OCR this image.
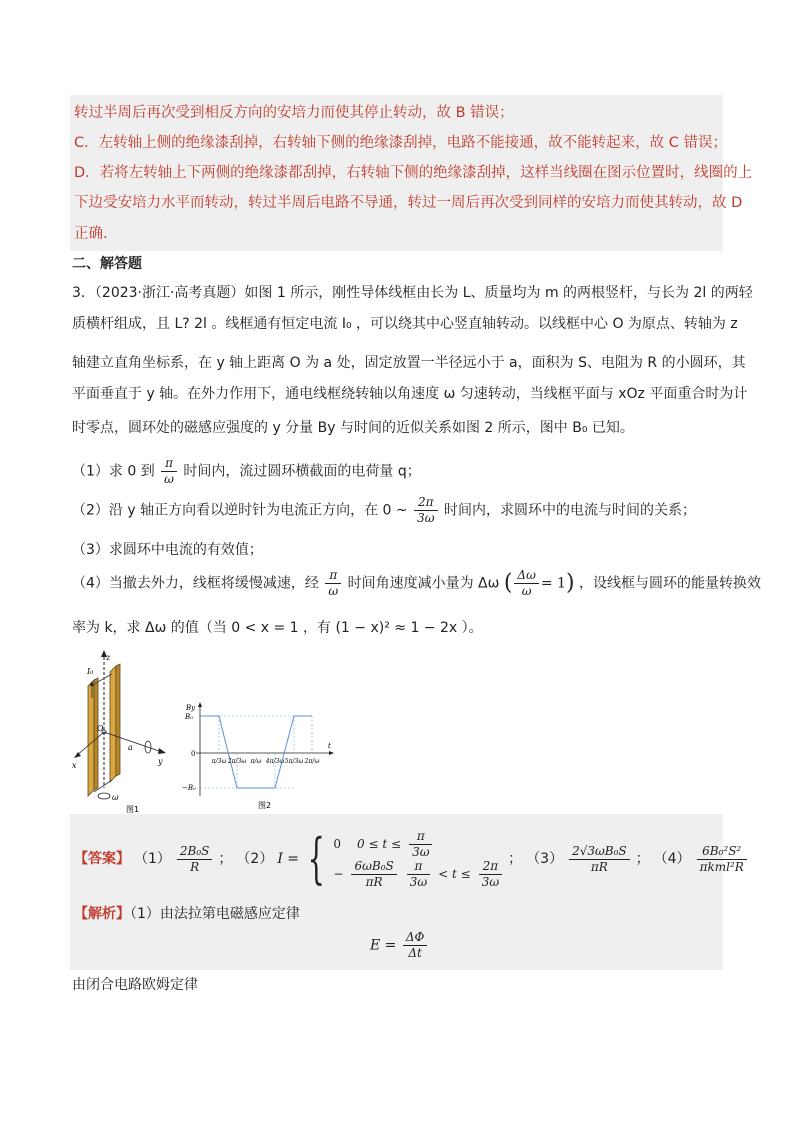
转过半周后再次受到相反方向的安培力而使其停止转动，故 B 错误；
C．左转轴上侧的绝缘漆刮掉，右转轴下侧的绝缘漆刮掉，电路不能接通，故不能转起来，故 C 错误；
D．若将左转轴上下两侧的绝缘漆都刮掉，右转轴下侧的绝缘漆刮掉，这样当线圈在图示位置时，线圈的上
下边受安培力水平而转动，转过半周后电路不导通，转过一周后再次受到同样的安培力而使其转动，故 D
正确.
二、解答题
3．（2023·浙江·高考真题）如图 1 所示，刚性导体线框由长为 L、质量均为 m 的两根竖杆，与长为 2l 的两轻
质横杆组成，且 L? 2l 。线框通有恒定电流 I₀ ，可以绕其中心竖直轴转动。以线框中心 O 为原点、转轴为 z
轴建立直角坐标系，在 y 轴上距离 O 为 a 处，固定放置一半径远小于 a，面积为 S、电阻为 R 的小圆环，其
平面垂直于 y 轴。在外力作用下，通电线框绕转轴以角速度 ω 匀速转动，当线框平面与 xOz 平面重合时为计
时零点，圆环处的磁感应强度的 y 分量 By 与时间的近似关系如图 2 所示，图中 B₀ 已知。
（1）求 0 到 $\frac{\pi}{\omega}$ 时间内，流过圆环横截面的电荷量 q；
（2）沿 y 轴正方向看以逆时针为电流正方向，在 0 ~ $\frac{2\pi}{3\omega}$ 时间内，求圆环中的电流与时间的关系；
（3）求圆环中电流的有效值；
（4）当撤去外力，线框将缓慢减速，经 $\frac{\pi}{\omega}$ 时间角速度减小量为 Δω ( $\frac{\Delta\omega}{\omega} = 1$) ，设线框与圆环的能量转换效
率为 k，求 Δω 的值（当 0 < x = 1 ，有 (1 − x)² ≈ 1 − 2x ）。
z
I₀
O
x	y
a
ω
图1
By
B₀
0
−B₀
t
π/3ω 2π/3ω π/ω 4π/3ω 5π/3ω 2π/ω
图2
【答案】 $(1) \frac{\text{2B₀S}}{R}$ ； （2） I = { 0 $0 \le t \le \frac{\pi}{3\omega}$
− $\frac{\text{6ωB₀S}}{\pi R} \frac{\pi}{3\omega} < t \le \frac{2\pi}{3\omega}$ ； $(3) \frac{\text{2√3ωB₀S}}{\pi R}$ ； $(4) \frac{\text{6B₀²S²}}{\text{πkml²R}}$
【解析】（1）由法拉第电磁感应定律
$E = \frac{\Delta\Phi}{\Delta t}$
由闭合电路欧姆定律
